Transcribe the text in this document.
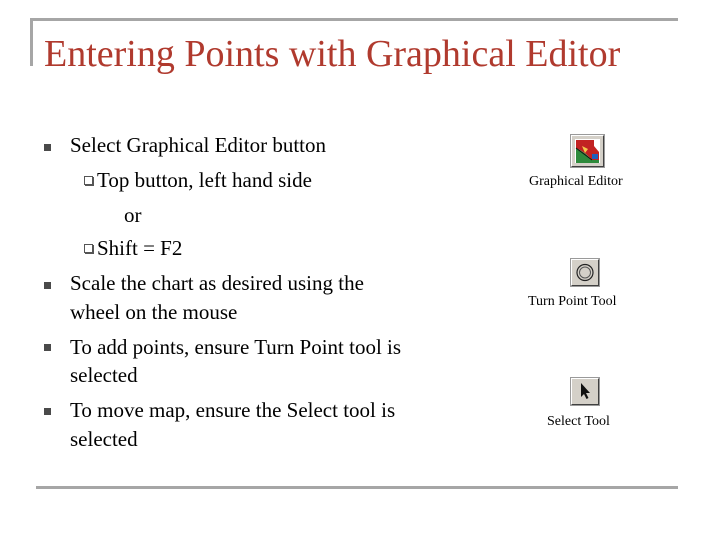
Entering Points with Graphical Editor
Select Graphical Editor button
Top button, left hand side
or
Shift = F2
Scale the chart as desired using the
wheel on the mouse
To add points, ensure Turn Point tool is
selected
To move map, ensure the Select tool is
selected
Graphical Editor
Turn Point Tool
Select Tool
